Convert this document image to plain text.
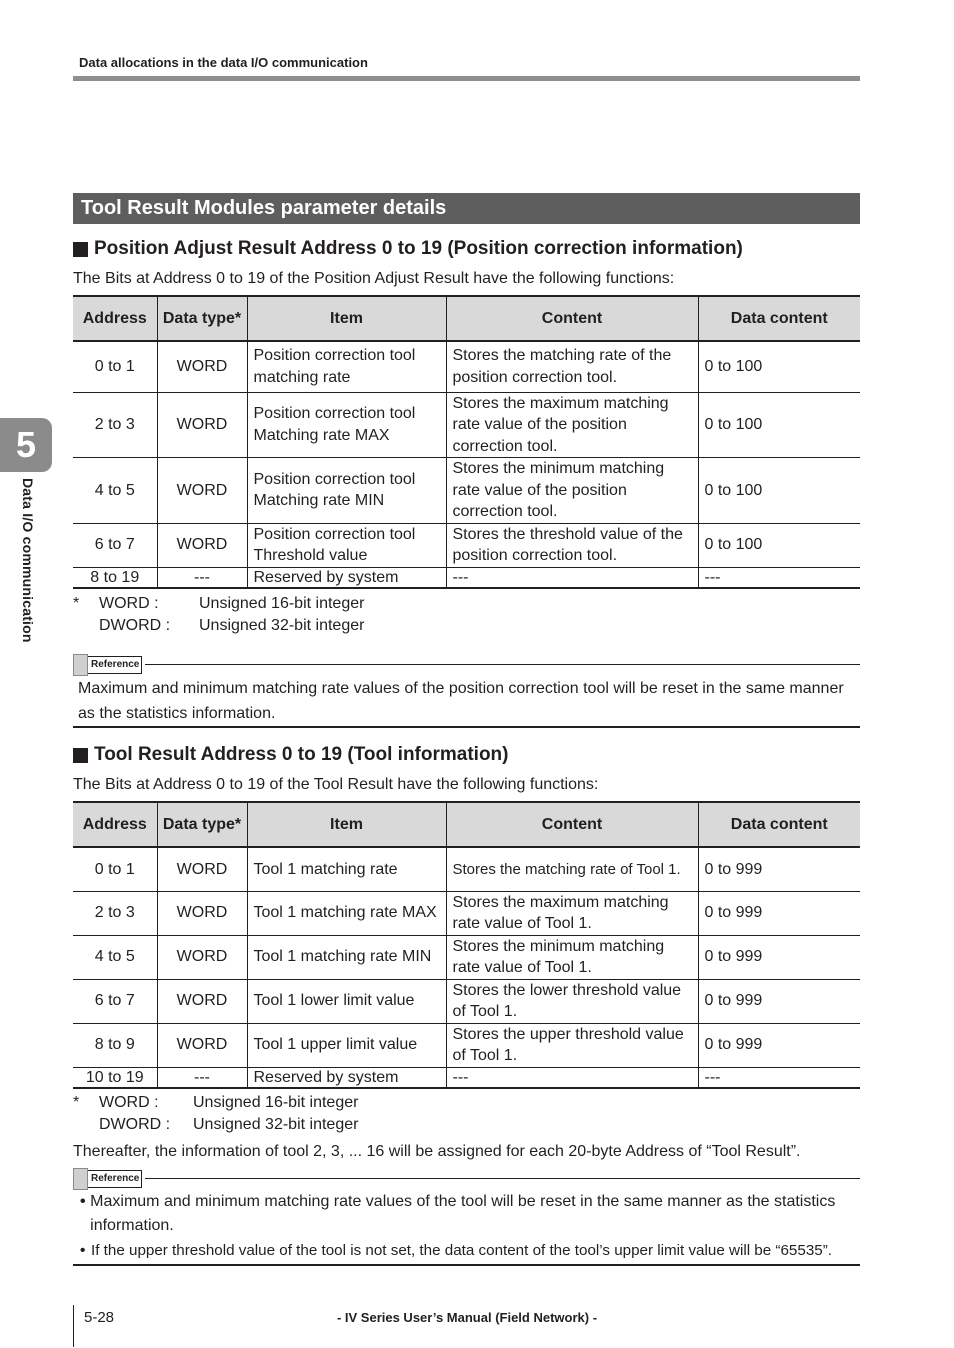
Data allocations in the data I/O communication
5
Data I/O communication
Tool Result Modules parameter details
Position Adjust Result Address 0 to 19 (Position correction information)
The Bits at Address 0 to 19 of the Position Adjust Result have the following functions:
Address	Data type*	Item	Content	Data content
0 to 1	WORD	Position correction tool matching rate	Stores the matching rate of the position correction tool.	0 to 100
2 to 3	WORD	Position correction tool Matching rate MAX	Stores the maximum matching rate value of the position correction tool.	0 to 100
4 to 5	WORD	Position correction tool Matching rate MIN	Stores the minimum matching rate value of the position correction tool.	0 to 100
6 to 7	WORD	Position correction tool Threshold value	Stores the threshold value of the position correction tool.	0 to 100
8 to 19	---	Reserved by system	---	---
*	WORD :	Unsigned 16-bit integer
DWORD :	Unsigned 32-bit integer
Reference
Maximum and minimum matching rate values of the position correction tool will be reset in the same manner as the statistics information.
Tool Result Address 0 to 19 (Tool information)
The Bits at Address 0 to 19 of the Tool Result have the following functions:
Address	Data type*	Item	Content	Data content
0 to 1	WORD	Tool 1 matching rate	Stores the matching rate of Tool 1.	0 to 999
2 to 3	WORD	Tool 1 matching rate MAX	Stores the maximum matching rate value of Tool 1.	0 to 999
4 to 5	WORD	Tool 1 matching rate MIN	Stores the minimum matching rate value of Tool 1.	0 to 999
6 to 7	WORD	Tool 1 lower limit value	Stores the lower threshold value of Tool 1.	0 to 999
8 to 9	WORD	Tool 1 upper limit value	Stores the upper threshold value of Tool 1.	0 to 999
10 to 19	---	Reserved by system	---	---
*	WORD :	Unsigned 16-bit integer
DWORD :	Unsigned 32-bit integer
Thereafter, the information of tool 2, 3, ... 16 will be assigned for each 20-byte Address of “Tool Result”.
Reference
• Maximum and minimum matching rate values of the tool will be reset in the same manner as the statistics information.
• If the upper threshold value of the tool is not set, the data content of the tool’s upper limit value will be “65535”.
5-28	- IV Series User’s Manual (Field Network) -
